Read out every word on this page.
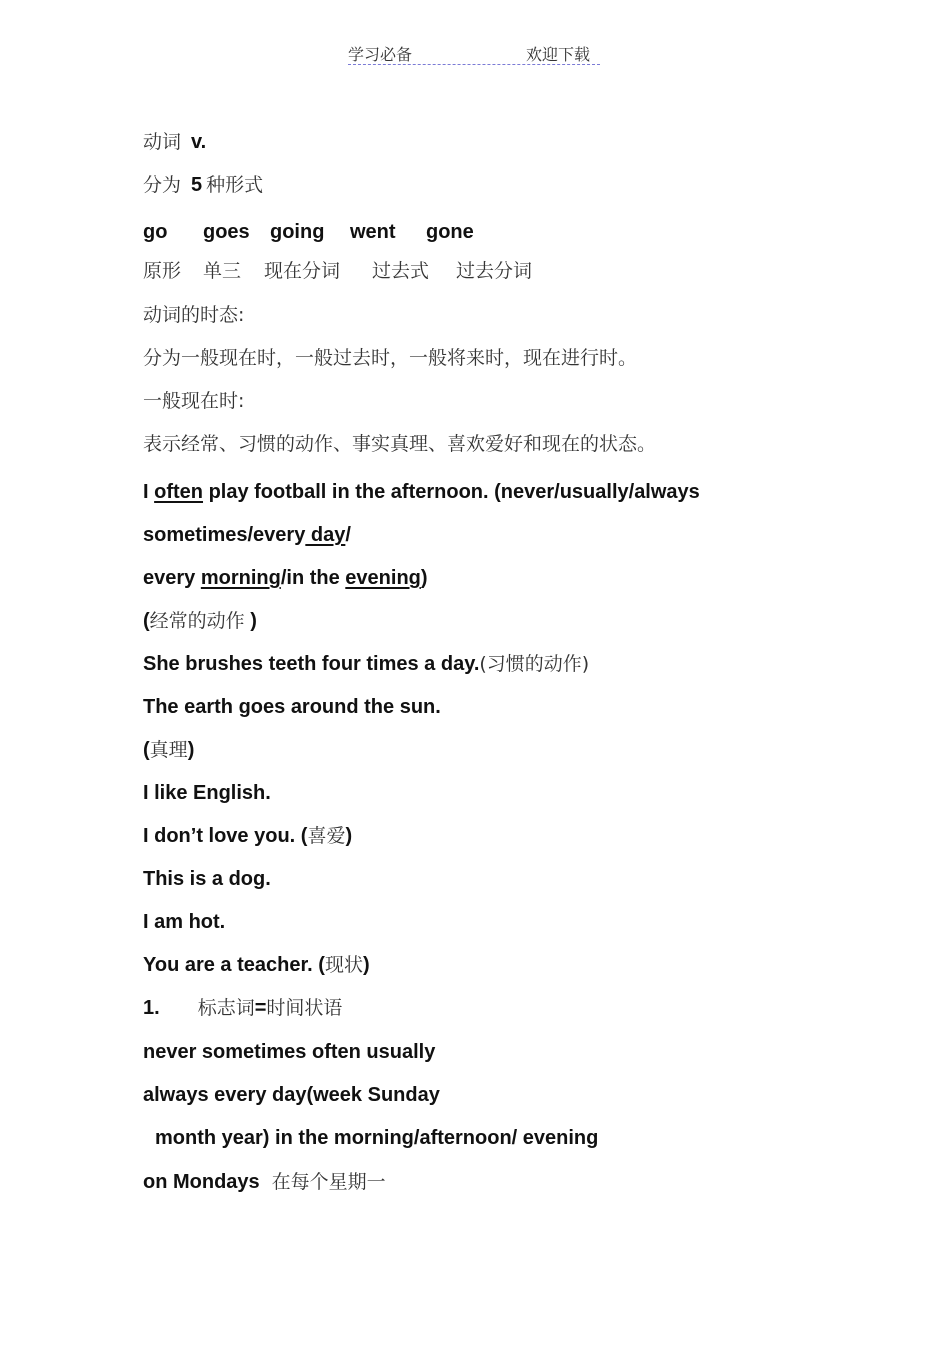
学习必备	欢迎下载
动词 v.
分为 5 种形式
go goes going went gone
原形 单三 现在分词 过去式 过去分词
动词的时态:
分为一般现在时，一般过去时，一般将来时，现在进行时。
一般现在时:
表示经常、习惯的动作、事实真理、喜欢爱好和现在的状态。
I often play football in the afternoon. (never/usually/always
sometimes/every day/
every morning/in the evening)
(经常的动作 )
She brushes teeth four times a day.(习惯的动作)
The earth goes around the sun.
(真理)
I like English.
I don’t love you. (喜爱)
This is a dog.
I am hot.
You are a teacher. (现状)
1. 标志词=时间状语
never sometimes often usually
always every day(week Sunday
month year) in the morning/afternoon/ evening
on Mondays 在每个星期一
